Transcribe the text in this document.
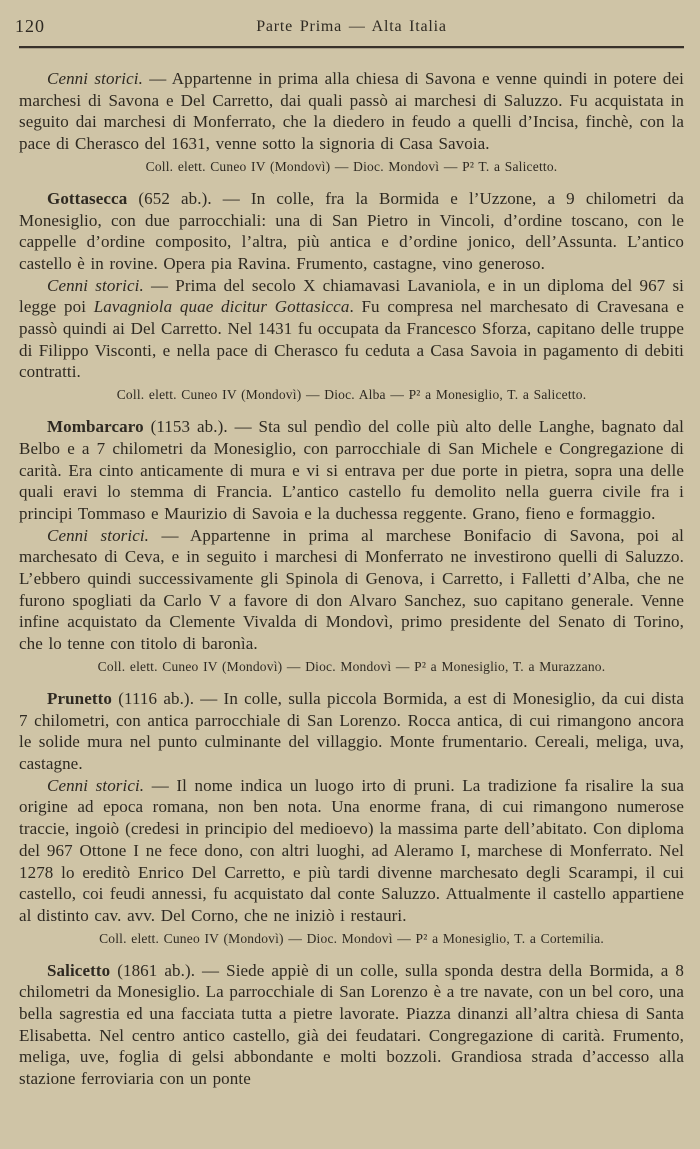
120	Parte Prima — Alta Italia

Cenni storici. — Appartenne in prima alla chiesa di Savona e venne quindi in potere dei marchesi di Savona e Del Carretto, dai quali passò ai marchesi di Saluzzo. Fu acquistata in seguito dai marchesi di Monferrato, che la diedero in feudo a quelli d’Incisa, finchè, con la pace di Cherasco del 1631, venne sotto la signoria di Casa Savoia.

Coll. elett. Cuneo IV (Mondovì) — Dioc. Mondovì — P² T. a Salicetto.

Gottasecca (652 ab.). — In colle, fra la Bormida e l’Uzzone, a 9 chilometri da Monesiglio, con due parrocchiali: una di San Pietro in Vincoli, d’ordine toscano, con le cappelle d’ordine composito, l’altra, più antica e d’ordine jonico, dell’Assunta. L’antico castello è in rovine. Opera pia Ravina. Frumento, castagne, vino generoso.

Cenni storici. — Prima del secolo X chiamavasi Lavaniola, e in un diploma del 967 si legge poi Lavagniola quae dicitur Gottasicca. Fu compresa nel marchesato di Cravesana e passò quindi ai Del Carretto. Nel 1431 fu occupata da Francesco Sforza, capitano delle truppe di Filippo Visconti, e nella pace di Cherasco fu ceduta a Casa Savoia in pagamento di debiti contratti.

Coll. elett. Cuneo IV (Mondovì) — Dioc. Alba — P² a Monesiglio, T. a Salicetto.

Mombarcaro (1153 ab.). — Sta sul pendìo del colle più alto delle Langhe, bagnato dal Belbo e a 7 chilometri da Monesiglio, con parrocchiale di San Michele e Congregazione di carità. Era cinto anticamente di mura e vi si entrava per due porte in pietra, sopra una delle quali eravi lo stemma di Francia. L’antico castello fu demolito nella guerra civile fra i principi Tommaso e Maurizio di Savoia e la duchessa reggente. Grano, fieno e formaggio.

Cenni storici. — Appartenne in prima al marchese Bonifacio di Savona, poi al marchesato di Ceva, e in seguito i marchesi di Monferrato ne investirono quelli di Saluzzo. L’ebbero quindi successivamente gli Spinola di Genova, i Carretto, i Falletti d’Alba, che ne furono spogliati da Carlo V a favore di don Alvaro Sanchez, suo capitano generale. Venne infine acquistato da Clemente Vivalda di Mondovì, primo presidente del Senato di Torino, che lo tenne con titolo di baronìa.

Coll. elett. Cuneo IV (Mondovì) — Dioc. Mondovì — P² a Monesiglio, T. a Murazzano.

Prunetto (1116 ab.). — In colle, sulla piccola Bormida, a est di Monesiglio, da cui dista 7 chilometri, con antica parrocchiale di San Lorenzo. Rocca antica, di cui rimangono ancora le solide mura nel punto culminante del villaggio. Monte frumentario. Cereali, meliga, uva, castagne.

Cenni storici. — Il nome indica un luogo irto di pruni. La tradizione fa risalire la sua origine ad epoca romana, non ben nota. Una enorme frana, di cui rimangono numerose traccie, ingoiò (credesi in principio del medioevo) la massima parte dell’abitato. Con diploma del 967 Ottone I ne fece dono, con altri luoghi, ad Aleramo I, marchese di Monferrato. Nel 1278 lo ereditò Enrico Del Carretto, e più tardi divenne marchesato degli Scarampi, il cui castello, coi feudi annessi, fu acquistato dal conte Saluzzo. Attualmente il castello appartiene al distinto cav. avv. Del Corno, che ne iniziò i restauri.

Coll. elett. Cuneo IV (Mondovì) — Dioc. Mondovì — P² a Monesiglio, T. a Cortemilia.

Salicetto (1861 ab.). — Siede appiè di un colle, sulla sponda destra della Bormida, a 8 chilometri da Monesiglio. La parrocchiale di San Lorenzo è a tre navate, con un bel coro, una bella sagrestia ed una facciata tutta a pietre lavorate. Piazza dinanzi all’altra chiesa di Santa Elisabetta. Nel centro antico castello, già dei feudatari. Congregazione di carità. Frumento, meliga, uve, foglia di gelsi abbondante e molti bozzoli. Grandiosa strada d’accesso alla stazione ferroviaria con un ponte
